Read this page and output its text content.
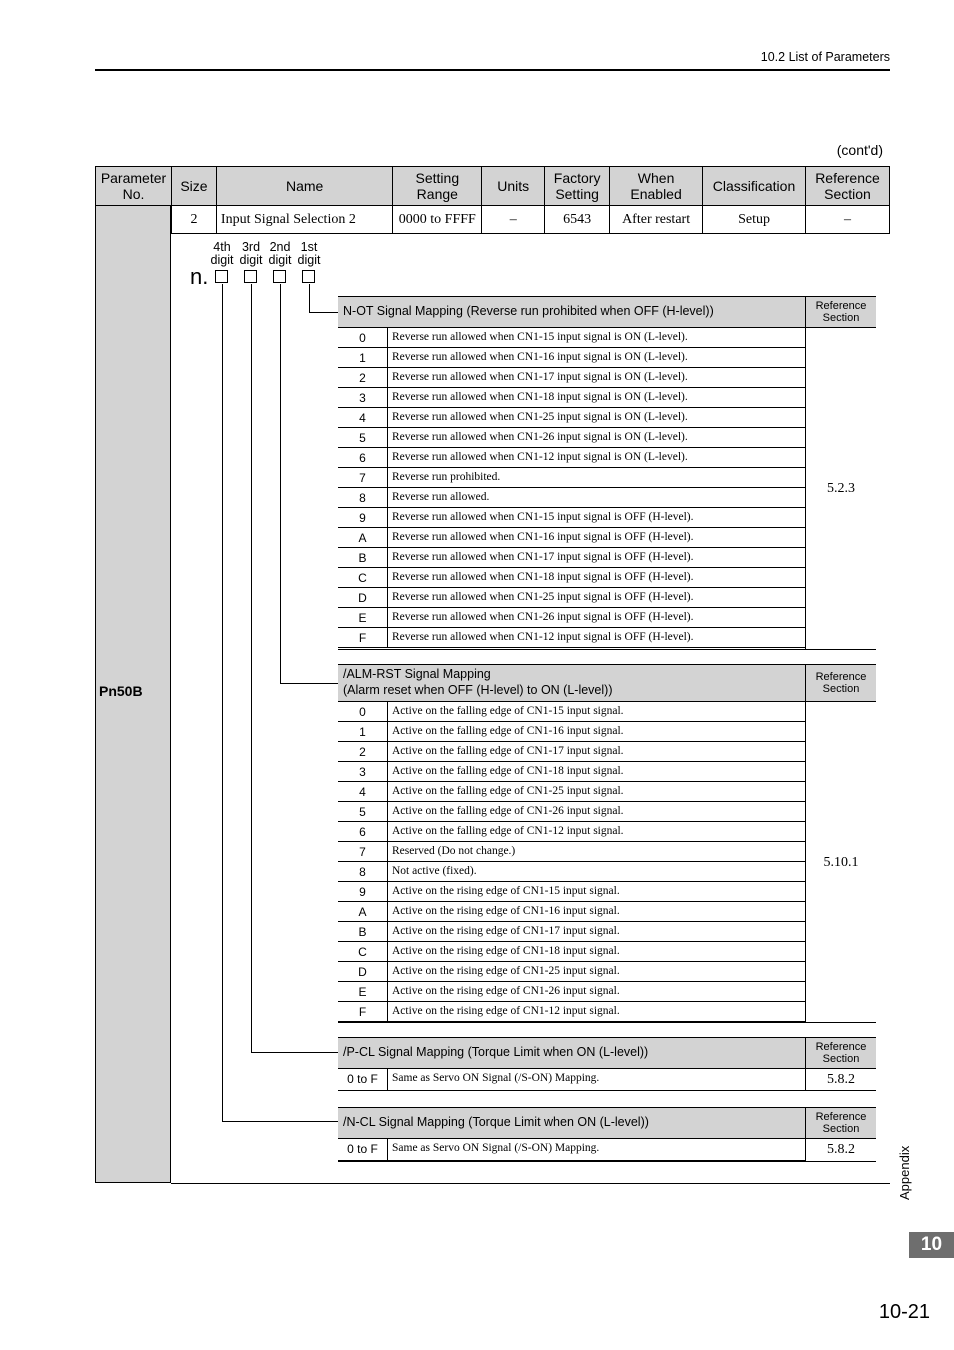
10.2 List of Parameters
(cont'd)
Parameter No.	Size	Name	Setting Range	Units	Factory Setting	When Enabled	Classification	Reference Section
	2	Input Signal Selection 2	0000 to FFFF	–	6543	After restart	Setup	–
Pn50B
4th
digit
3rd
digit
2nd
digit
1st
digit
n.
N-OT Signal Mapping (Reverse run prohibited when OFF (H-level))	Reference
Section
0	Reverse run allowed when CN1-15 input signal is ON (L-level).
1	Reverse run allowed when CN1-16 input signal is ON (L-level).
2	Reverse run allowed when CN1-17 input signal is ON (L-level).
3	Reverse run allowed when CN1-18 input signal is ON (L-level).
4	Reverse run allowed when CN1-25 input signal is ON (L-level).
5	Reverse run allowed when CN1-26 input signal is ON (L-level).
6	Reverse run allowed when CN1-12 input signal is ON (L-level).
7	Reverse run prohibited.
8	Reverse run allowed.
9	Reverse run allowed when CN1-15 input signal is OFF (H-level).
A	Reverse run allowed when CN1-16 input signal is OFF (H-level).
B	Reverse run allowed when CN1-17 input signal is OFF (H-level).
C	Reverse run allowed when CN1-18 input signal is OFF (H-level).
D	Reverse run allowed when CN1-25 input signal is OFF (H-level).
E	Reverse run allowed when CN1-26 input signal is OFF (H-level).
F	Reverse run allowed when CN1-12 input signal is OFF (H-level).
5.2.3
/ALM-RST Signal Mapping
(Alarm reset when OFF (H-level) to ON (L-level))
Reference
Section
0	Active on the falling edge of CN1-15 input signal.
1	Active on the falling edge of CN1-16 input signal.
2	Active on the falling edge of CN1-17 input signal.
3	Active on the falling edge of CN1-18 input signal.
4	Active on the falling edge of CN1-25 input signal.
5	Active on the falling edge of CN1-26 input signal.
6	Active on the falling edge of CN1-12 input signal.
7	Reserved (Do not change.)
8	Not active (fixed).
9	Active on the rising edge of CN1-15 input signal.
A	Active on the rising edge of CN1-16 input signal.
B	Active on the rising edge of CN1-17 input signal.
C	Active on the rising edge of CN1-18 input signal.
D	Active on the rising edge of CN1-25 input signal.
E	Active on the rising edge of CN1-26 input signal.
F	Active on the rising edge of CN1-12 input signal.
5.10.1
/P-CL Signal Mapping (Torque Limit when ON (L-level))	Reference
Section
0 to F	Same as Servo ON Signal (/S-ON) Mapping.	5.8.2
/N-CL Signal Mapping (Torque Limit when ON (L-level))	Reference
Section
0 to F	Same as Servo ON Signal (/S-ON) Mapping.	5.8.2	Appendix
10
10-21
